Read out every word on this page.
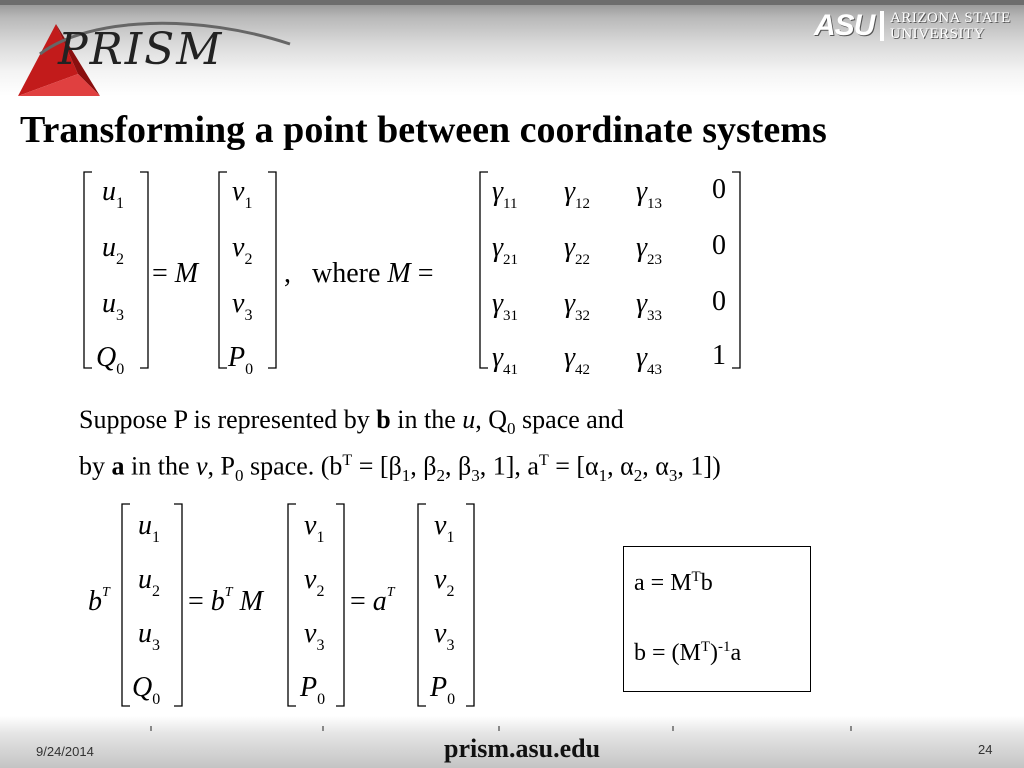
PRISM	ASU ARIZONA STATE
UNIVERSITY
Transforming a point between coordinate systems
$u_1$
$u_2$
$u_3$
$Q_0$
$v_1$
$v_2$
$v_3$
$P_0$
= M	, where M =
$\gamma_{11}$ $\gamma_{12}$ $\gamma_{13}$ 0
$\gamma_{21}$ $\gamma_{22}$ $\gamma_{23}$ 0
$\gamma_{31}$ $\gamma_{32}$ $\gamma_{33}$ 0
$\gamma_{41}$ $\gamma_{42}$ $\gamma_{43}$ 1
Suppose P is represented by b in the u, $Q_0$ space and
by a in the v, $P_0$ space. ($b^T = [\beta_1$, $\beta_2$, $\beta_3$, 1], $a^T = [\alpha_1$, $\alpha_2$, $\alpha_3$, 1])
$b^T$
$u_1$
$u_2$
$u_3$
$Q_0$
$v_1$
$v_2$
$v_3$
$P_0$
$v_1$
$v_2$
$v_3$
$P_0$
= $b^T$ M	= $a^T$	$a = M^Tb$
$b = (M^T)^{-1}a$
9/24/2014	prism.asu.edu	24
